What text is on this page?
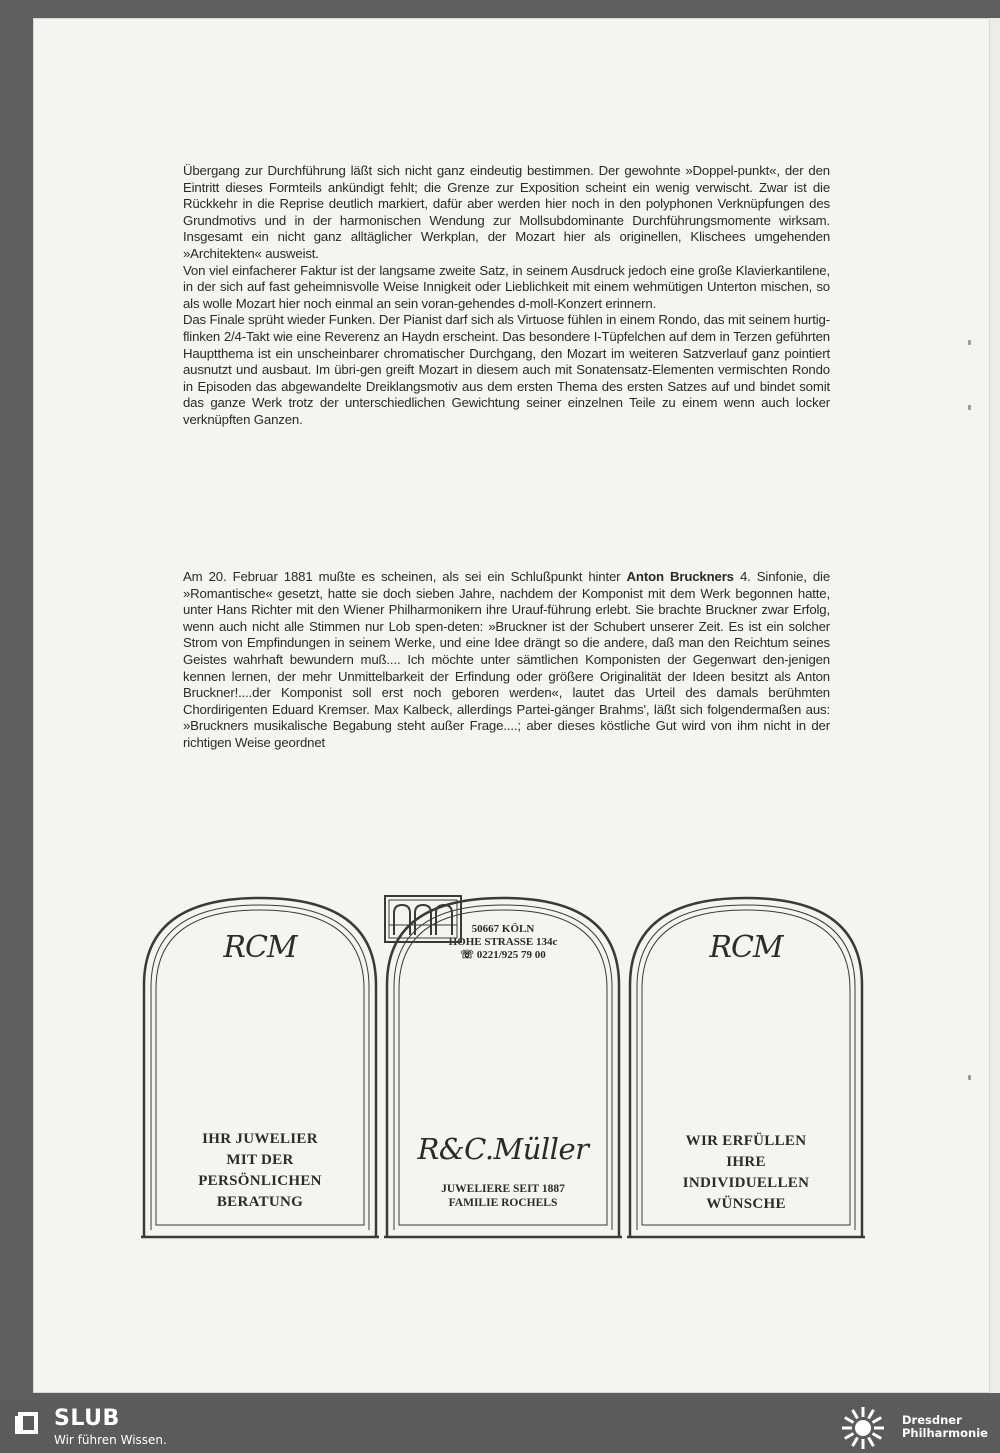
Übergang zur Durchführung läßt sich nicht ganz eindeutig bestimmen. Der gewohnte »Doppel-punkt«, der den Eintritt dieses Formteils ankündigt fehlt; die Grenze zur Exposition scheint ein wenig verwischt. Zwar ist die Rückkehr in die Reprise deutlich markiert, dafür aber werden hier noch in den polyphonen Verknüpfungen des Grundmotivs und in der harmonischen Wendung zur Mollsubdominante Durchführungsmomente wirksam. Insgesamt ein nicht ganz alltäglicher Werkplan, der Mozart hier als originellen, Klischees umgehenden »Architekten« ausweist.

Von viel einfacherer Faktur ist der langsame zweite Satz, in seinem Ausdruck jedoch eine große Klavierkantilene, in der sich auf fast geheimnisvolle Weise Innigkeit oder Lieblichkeit mit einem wehmütigen Unterton mischen, so als wolle Mozart hier noch einmal an sein voran-gehendes d-moll-Konzert erinnern.

Das Finale sprüht wieder Funken. Der Pianist darf sich als Virtuose fühlen in einem Rondo, das mit seinem hurtig-flinken 2/4-Takt wie eine Reverenz an Haydn erscheint. Das besondere I-Tüpfelchen auf dem in Terzen geführten Hauptthema ist ein unscheinbarer chromatischer Durchgang, den Mozart im weiteren Satzverlauf ganz pointiert ausnutzt und ausbaut. Im übri-gen greift Mozart in diesem auch mit Sonatensatz-Elementen vermischten Rondo in Episoden das abgewandelte Dreiklangsmotiv aus dem ersten Thema des ersten Satzes auf und bindet somit das ganze Werk trotz der unterschiedlichen Gewichtung seiner einzelnen Teile zu einem wenn auch locker verknüpften Ganzen.

Am 20. Februar 1881 mußte es scheinen, als sei ein Schlußpunkt hinter Anton Bruckners 4. Sinfonie, die »Romantische« gesetzt, hatte sie doch sieben Jahre, nachdem der Komponist mit dem Werk begonnen hatte, unter Hans Richter mit den Wiener Philharmonikern ihre Urauf-führung erlebt. Sie brachte Bruckner zwar Erfolg, wenn auch nicht alle Stimmen nur Lob spen-deten: »Bruckner ist der Schubert unserer Zeit. Es ist ein solcher Strom von Empfindungen in seinem Werke, und eine Idee drängt so die andere, daß man den Reichtum seines Geistes wahrhaft bewundern muß.... Ich möchte unter sämtlichen Komponisten der Gegenwart den-jenigen kennen lernen, der mehr Unmittelbarkeit der Erfindung oder größere Originalität der Ideen besitzt als Anton Bruckner!....der Komponist soll erst noch geboren werden«, lautet das Urteil des damals berühmten Chordirigenten Eduard Kremser. Max Kalbeck, allerdings Partei-gänger Brahms', läßt sich folgendermaßen aus: »Bruckners musikalische Begabung steht außer Frage....; aber dieses köstliche Gut wird von ihm nicht in der richtigen Weise geordnet

RCM
IHR JUWELIER
MIT DER
PERSÖNLICHEN
BERATUNG
50667 KÖLN
HOHE STRASSE 134c
☏ 0221/925 79 00
R&C.Müller
JUWELIERE SEIT 1887
FAMILIE ROCHELS
RCM
WIR ERFÜLLEN
IHRE
INDIVIDUELLEN
WÜNSCHE
SLUB
Wir führen Wissen.
Dresdner
Philharmonie
